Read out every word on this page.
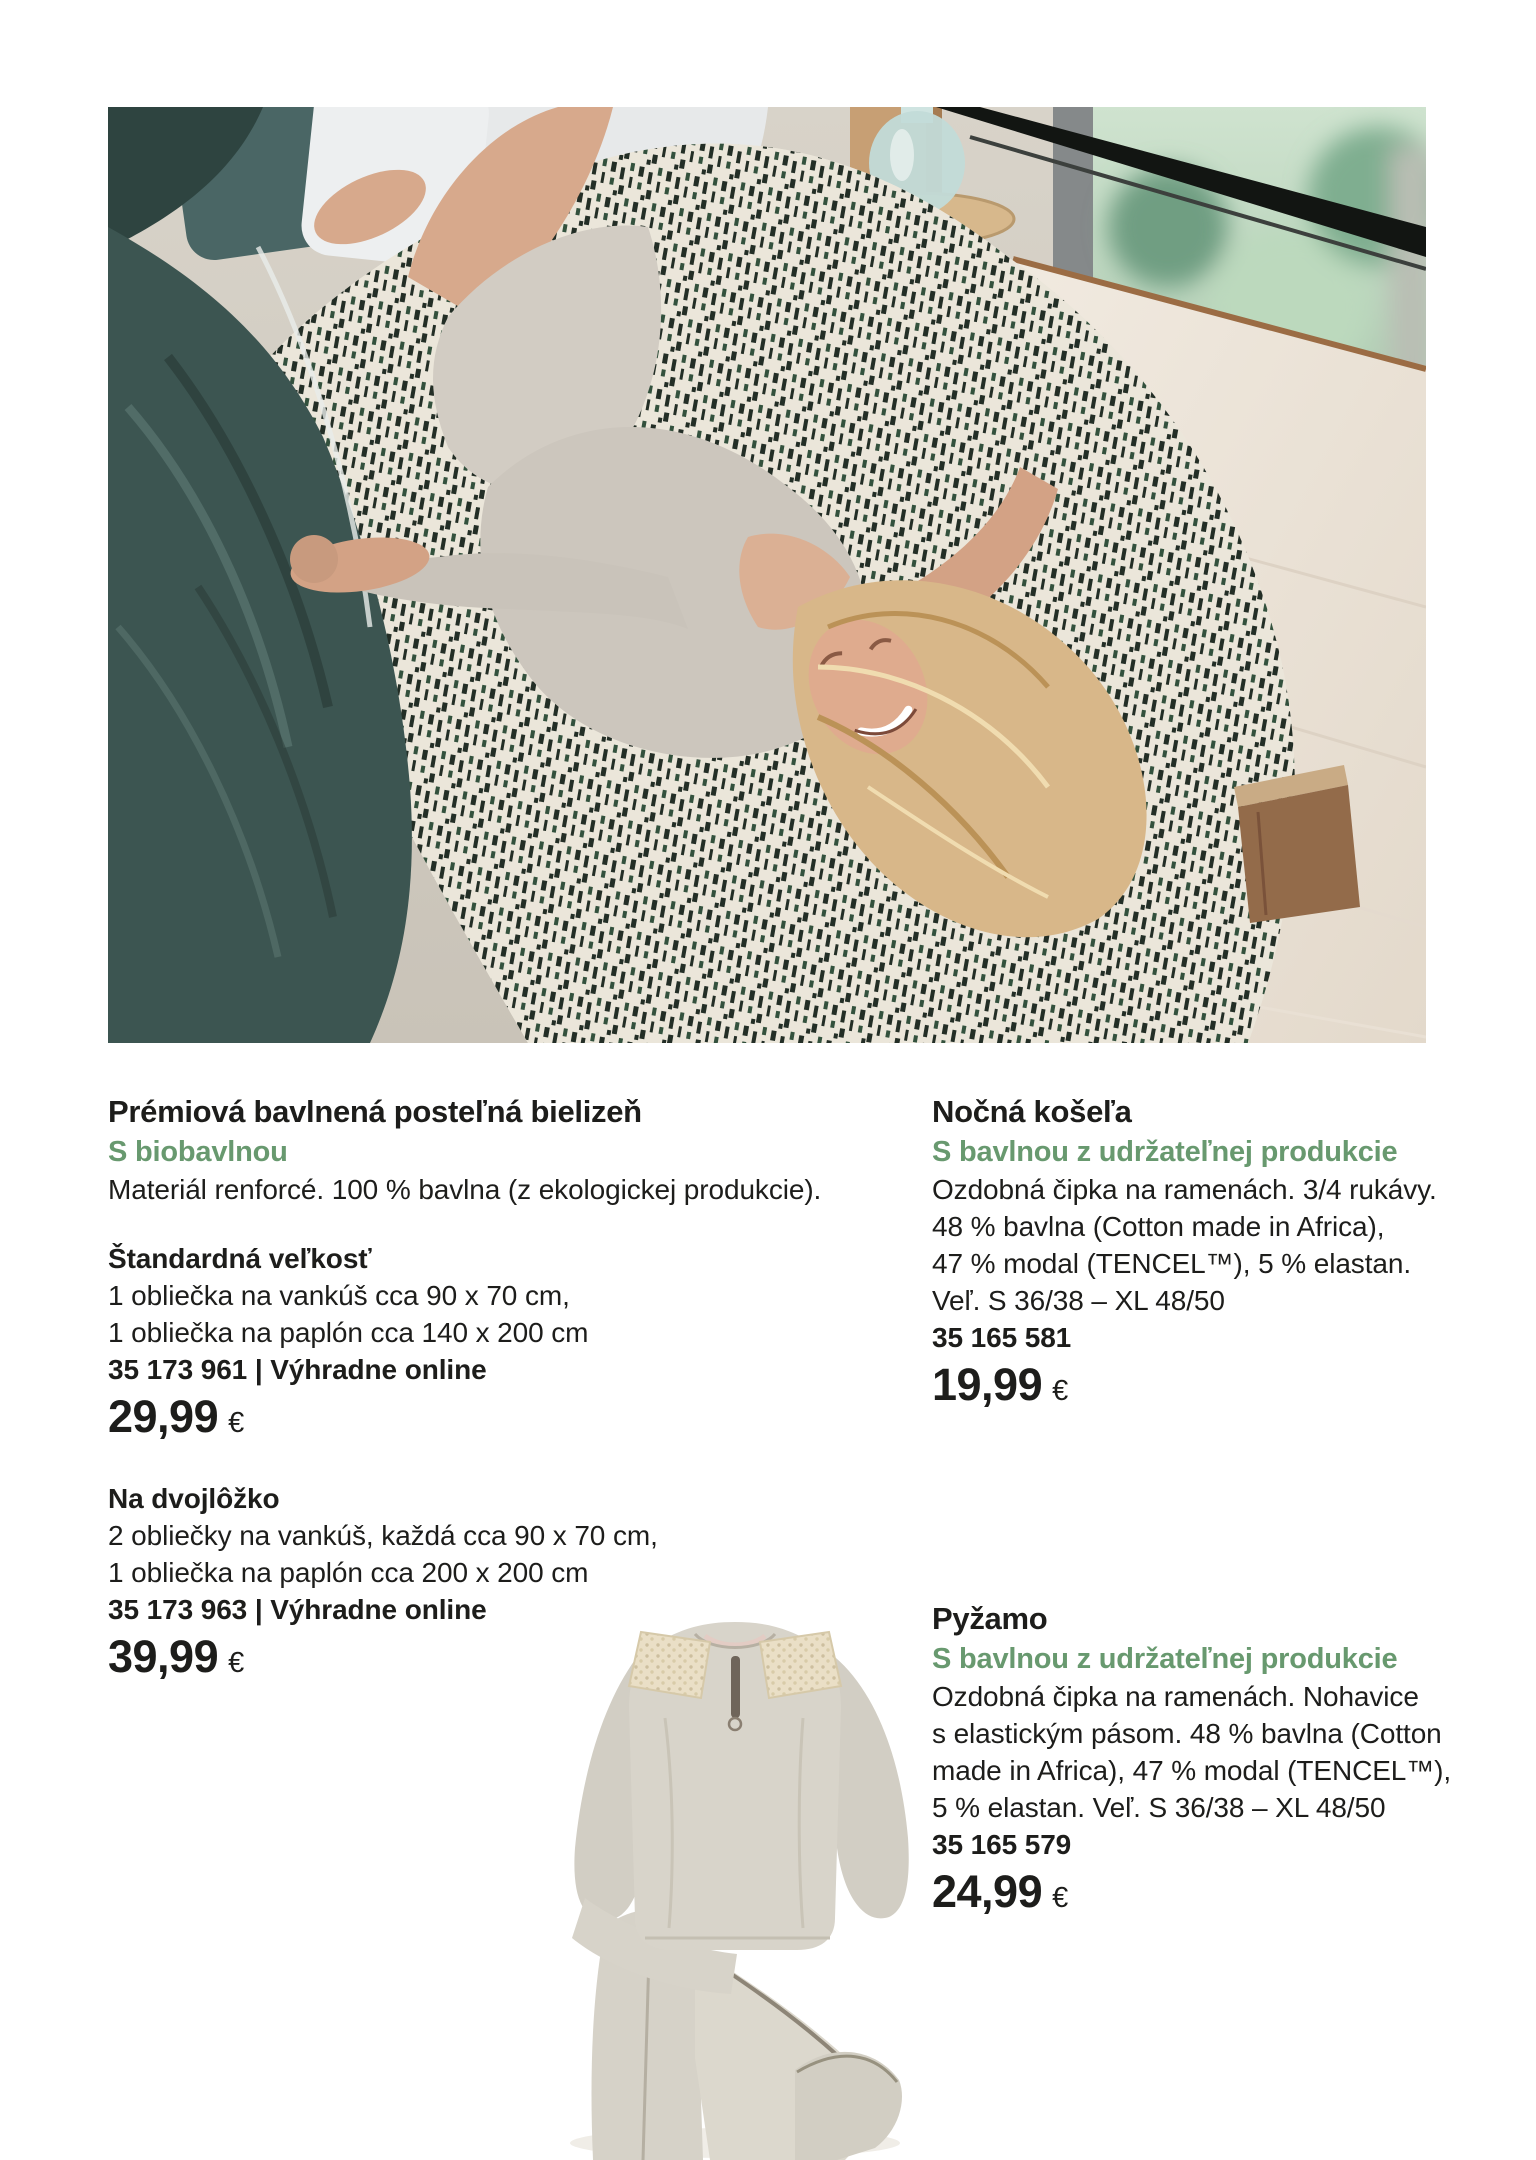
Prémiová bavlnená posteľná bielizeň
S biobavlnou

Materiál renforcé. 100 % bavlna (z ekologickej produkcie).

Štandardná veľkosť

1 obliečka na vankúš cca 90 x 70 cm,

1 obliečka na paplón cca 140 x 200 cm

35 173 961 | Výhradne online

29,99 €

Na dvojlôžko

2 obliečky na vankúš, každá cca 90 x 70 cm,

1 obliečka na paplón cca 200 x 200 cm

35 173 963 | Výhradne online

39,99 €
Nočná košeľa
S bavlnou z udržateľnej produkcie

Ozdobná čipka na ramenách. 3/4 rukávy.

48 % bavlna (Cotton made in Africa),

47 % modal (TENCEL™), 5 % elastan.

Veľ. S 36/38 – XL 48/50

35 165 581

19,99 €
Pyžamo
S bavlnou z udržateľnej produkcie

Ozdobná čipka na ramenách. Nohavice

s elastickým pásom. 48 % bavlna (Cotton

made in Africa), 47 % modal (TENCEL™),

5 % elastan. Veľ. S 36/38 – XL 48/50

35 165 579

24,99 €
